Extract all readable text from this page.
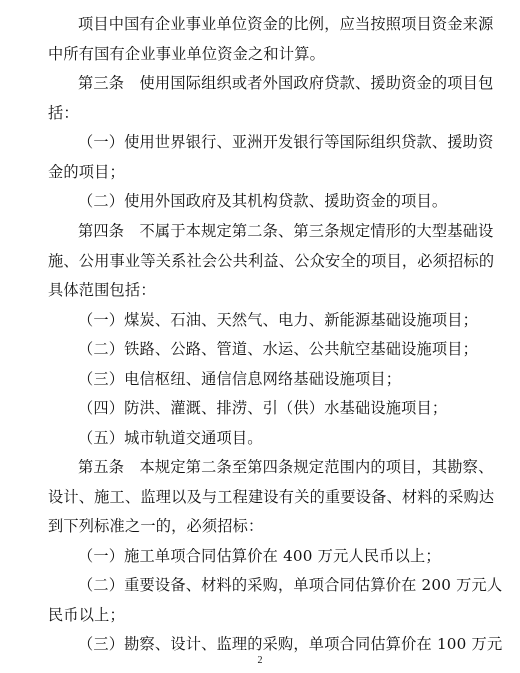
项目中国有企业事业单位资金的比例，应当按照项目资金来源
中所有国有企业事业单位资金之和计算。

第三条　使用国际组织或者外国政府贷款、援助资金的项目包
括：

（一）使用世界银行、亚洲开发银行等国际组织贷款、援助资
金的项目；

（二）使用外国政府及其机构贷款、援助资金的项目。

第四条　不属于本规定第二条、第三条规定情形的大型基础设
施、公用事业等关系社会公共利益、公众安全的项目，必须招标的
具体范围包括：

（一）煤炭、石油、天然气、电力、新能源基础设施项目；

（二）铁路、公路、管道、水运、公共航空基础设施项目；

（三）电信枢纽、通信信息网络基础设施项目；

（四）防洪、灌溉、排涝、引（供）水基础设施项目；

（五）城市轨道交通项目。

第五条　本规定第二条至第四条规定范围内的项目，其勘察、
设计、施工、监理以及与工程建设有关的重要设备、材料的采购达
到下列标准之一的，必须招标：

（一）施工单项合同估算价在 400 万元人民币以上；

（二）重要设备、材料的采购，单项合同估算价在 200 万元人
民币以上；

（三）勘察、设计、监理的采购，单项合同估算价在 100 万元

2
